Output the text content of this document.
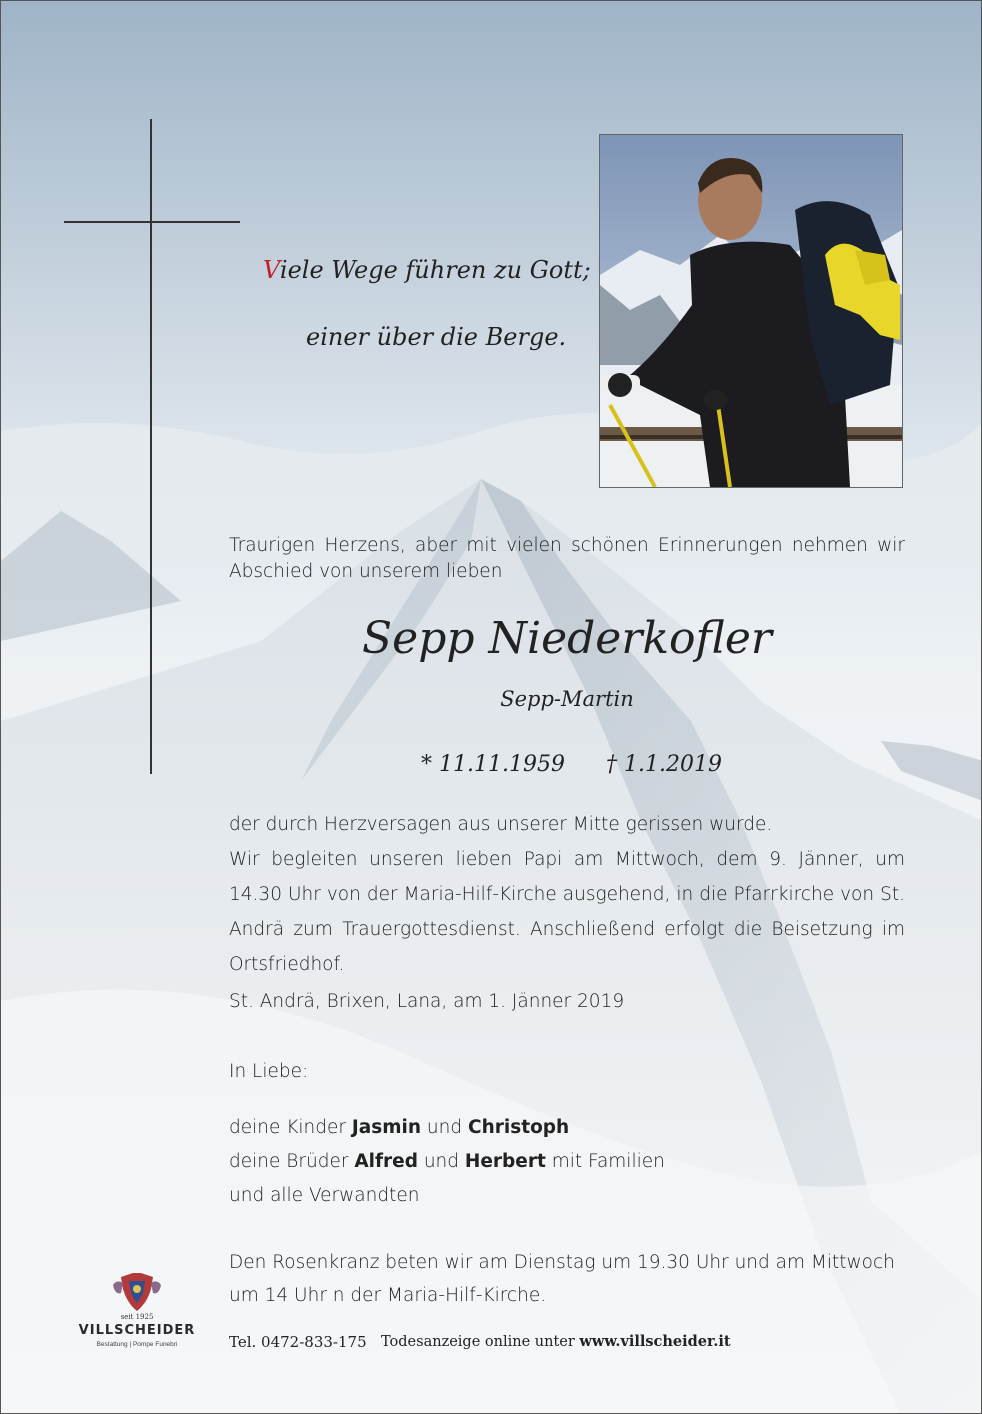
Viele Wege führen zu Gott;
einer über die Berge.
Traurigen Herzens, aber mit vielen schönen Erinnerungen nehmen wir Abschied von unserem lieben
Sepp Niederkofler
Sepp-Martin
* 11.11.1959 † 1.1.2019

der durch Herzversagen aus unserer Mitte gerissen wurde.

Wir begleiten unseren lieben Papi am Mittwoch, dem 9. Jänner, um 14.30 Uhr von der Maria-Hilf-Kirche ausgehend, in die Pfarrkirche von St. Andrä zum Trauergottesdienst. Anschließend erfolgt die Beisetzung im Ortsfriedhof.

St. Andrä, Brixen, Lana, am 1. Jänner 2019
In Liebe:
deine Kinder Jasmin und Christoph
deine Brüder Alfred und Herbert mit Familien
und alle Verwandten
Den Rosenkranz beten wir am Dienstag um 19.30 Uhr und am Mittwoch um 14 Uhr n der Maria-Hilf-Kirche.
seit 1925
VILLSCHEIDER
Bestattung | Pompe Funebri	Tel. 0472-833-175 Todesanzeige online unter www.villscheider.it
